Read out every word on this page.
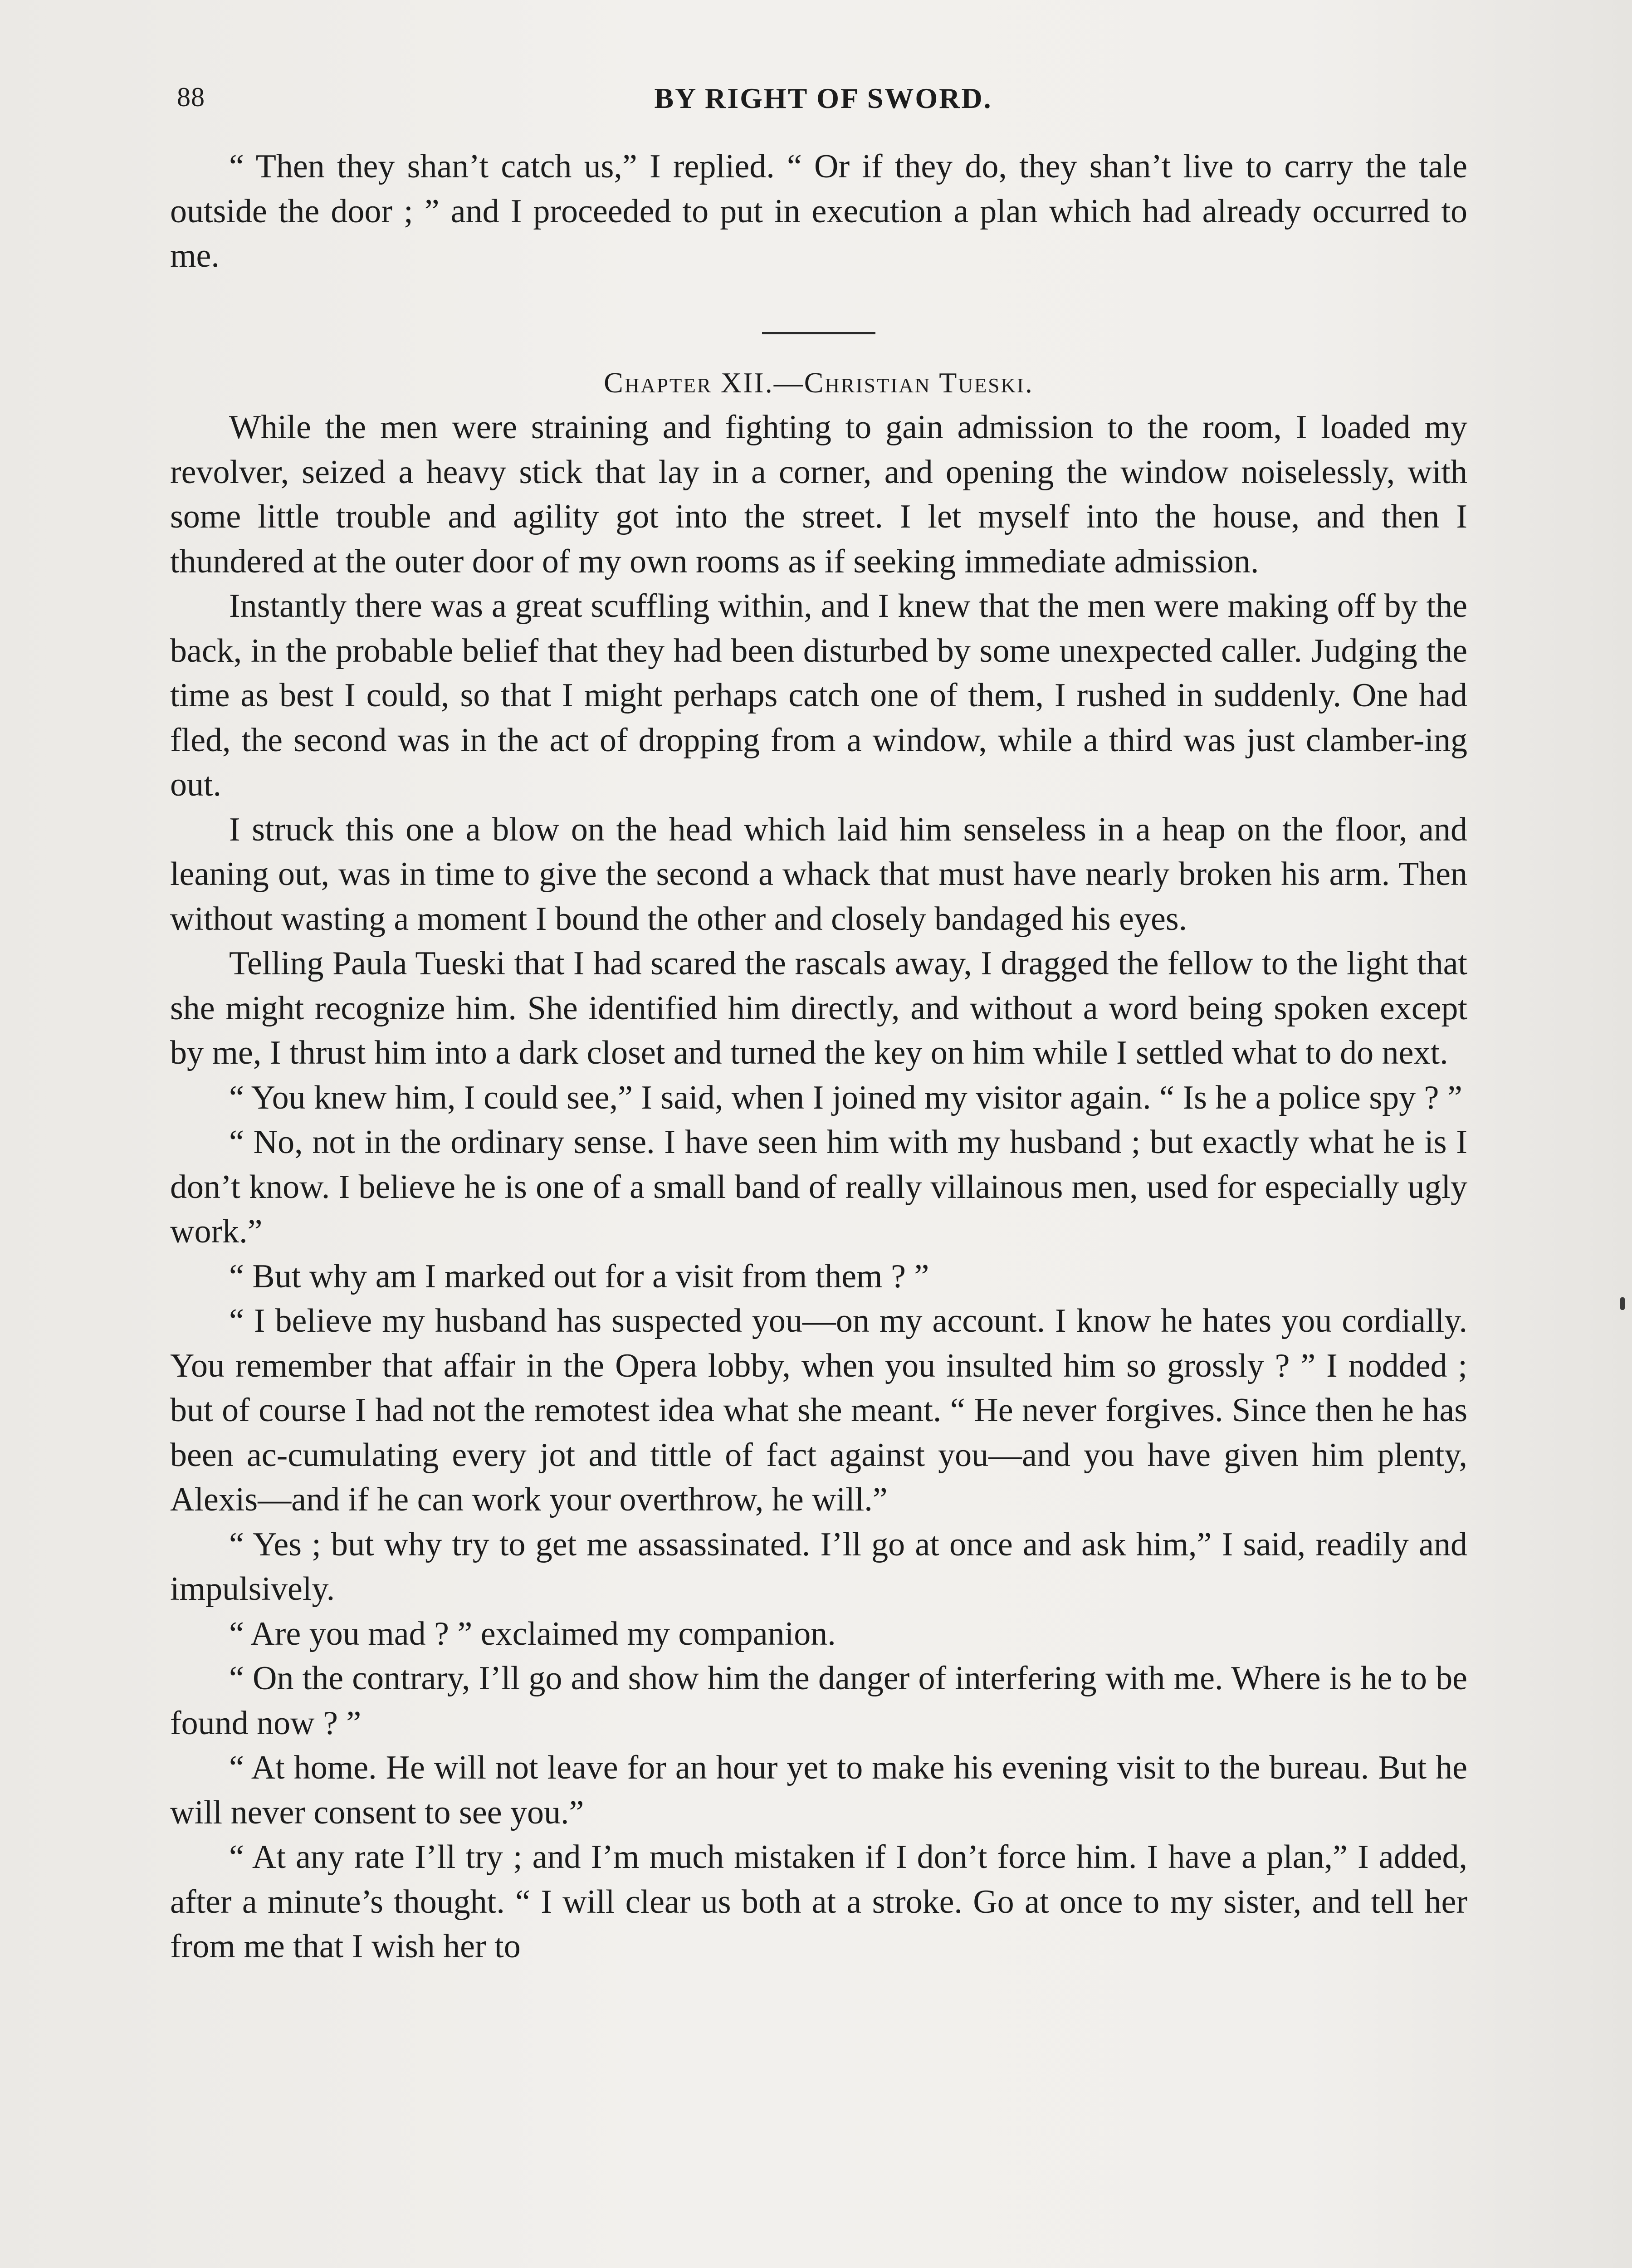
88	BY RIGHT OF SWORD.

“ Then they shan’t catch us,” I replied. “ Or if they do, they shan’t live to carry the tale outside the door ; ” and I proceeded to put in execution a plan which had already occurred to me.

Chapter XII.—Christian Tueski.

While the men were straining and fighting to gain admission to the room, I loaded my revolver, seized a heavy stick that lay in a corner, and opening the window noiselessly, with some little trouble and agility got into the street. I let myself into the house, and then I thundered at the outer door of my own rooms as if seeking immediate admission.

Instantly there was a great scuffling within, and I knew that the men were making off by the back, in the probable belief that they had been disturbed by some unexpected caller. Judging the time as best I could, so that I might perhaps catch one of them, I rushed in suddenly. One had fled, the second was in the act of dropping from a window, while a third was just clamber-ing out.

I struck this one a blow on the head which laid him senseless in a heap on the floor, and leaning out, was in time to give the second a whack that must have nearly broken his arm. Then without wasting a moment I bound the other and closely bandaged his eyes.

Telling Paula Tueski that I had scared the rascals away, I dragged the fellow to the light that she might recognize him. She identified him directly, and without a word being spoken except by me, I thrust him into a dark closet and turned the key on him while I settled what to do next.

“ You knew him, I could see,” I said, when I joined my visitor again. “ Is he a police spy ? ”

“ No, not in the ordinary sense. I have seen him with my husband ; but exactly what he is I don’t know. I believe he is one of a small band of really villainous men, used for especially ugly work.”

“ But why am I marked out for a visit from them ? ”

“ I believe my husband has suspected you—on my account. I know he hates you cordially. You remember that affair in the Opera lobby, when you insulted him so grossly ? ” I nodded ; but of course I had not the remotest idea what she meant. “ He never forgives. Since then he has been ac-cumulating every jot and tittle of fact against you—and you have given him plenty, Alexis—and if he can work your overthrow, he will.”

“ Yes ; but why try to get me assassinated. I’ll go at once and ask him,” I said, readily and impulsively.

“ Are you mad ? ” exclaimed my companion.

“ On the contrary, I’ll go and show him the danger of interfering with me. Where is he to be found now ? ”

“ At home. He will not leave for an hour yet to make his evening visit to the bureau. But he will never consent to see you.”

“ At any rate I’ll try ; and I’m much mistaken if I don’t force him. I have a plan,” I added, after a minute’s thought. “ I will clear us both at a stroke. Go at once to my sister, and tell her from me that I wish her to
